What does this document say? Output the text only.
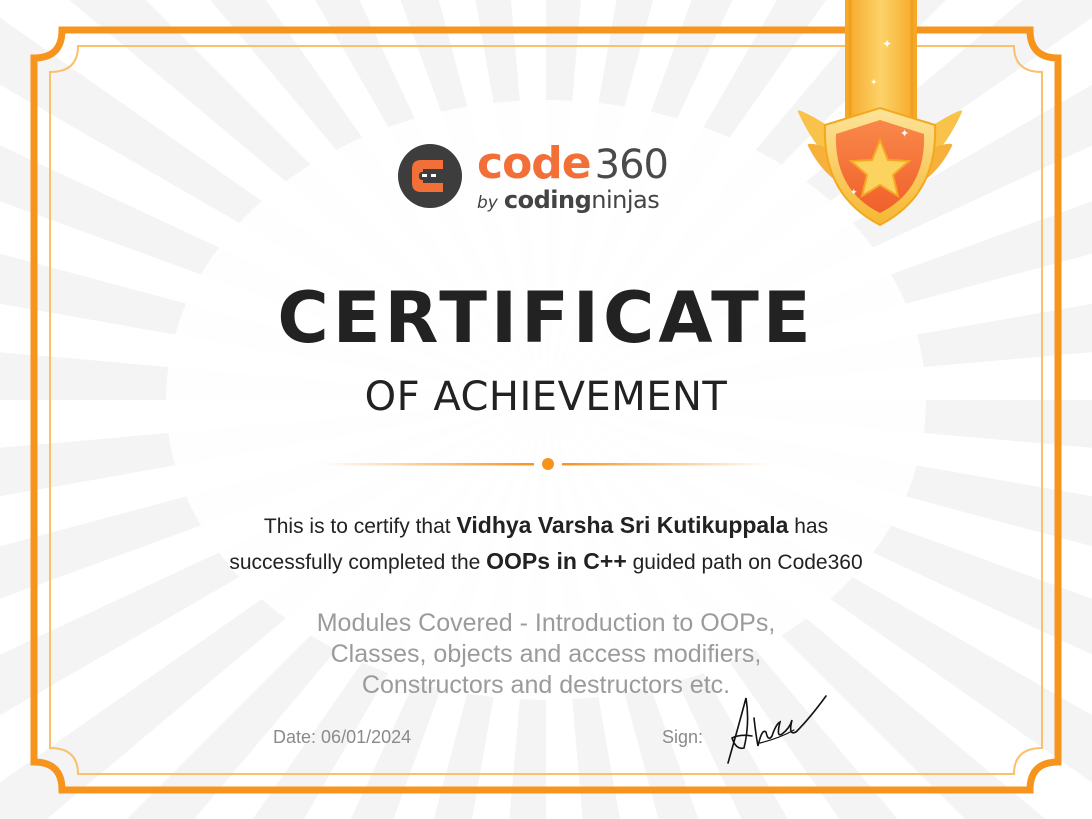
✦
✦
✦
✦
code 360
by codingninjas
CERTIFICATE
OF ACHIEVEMENT
This is to certify that Vidhya Varsha Sri Kutikuppala has
successfully completed the OOPs in C++ guided path on Code360
Modules Covered - Introduction to OOPs,
Classes, objects and access modifiers,
Constructors and destructors etc.
Date: 06/01/2024	Sign:
